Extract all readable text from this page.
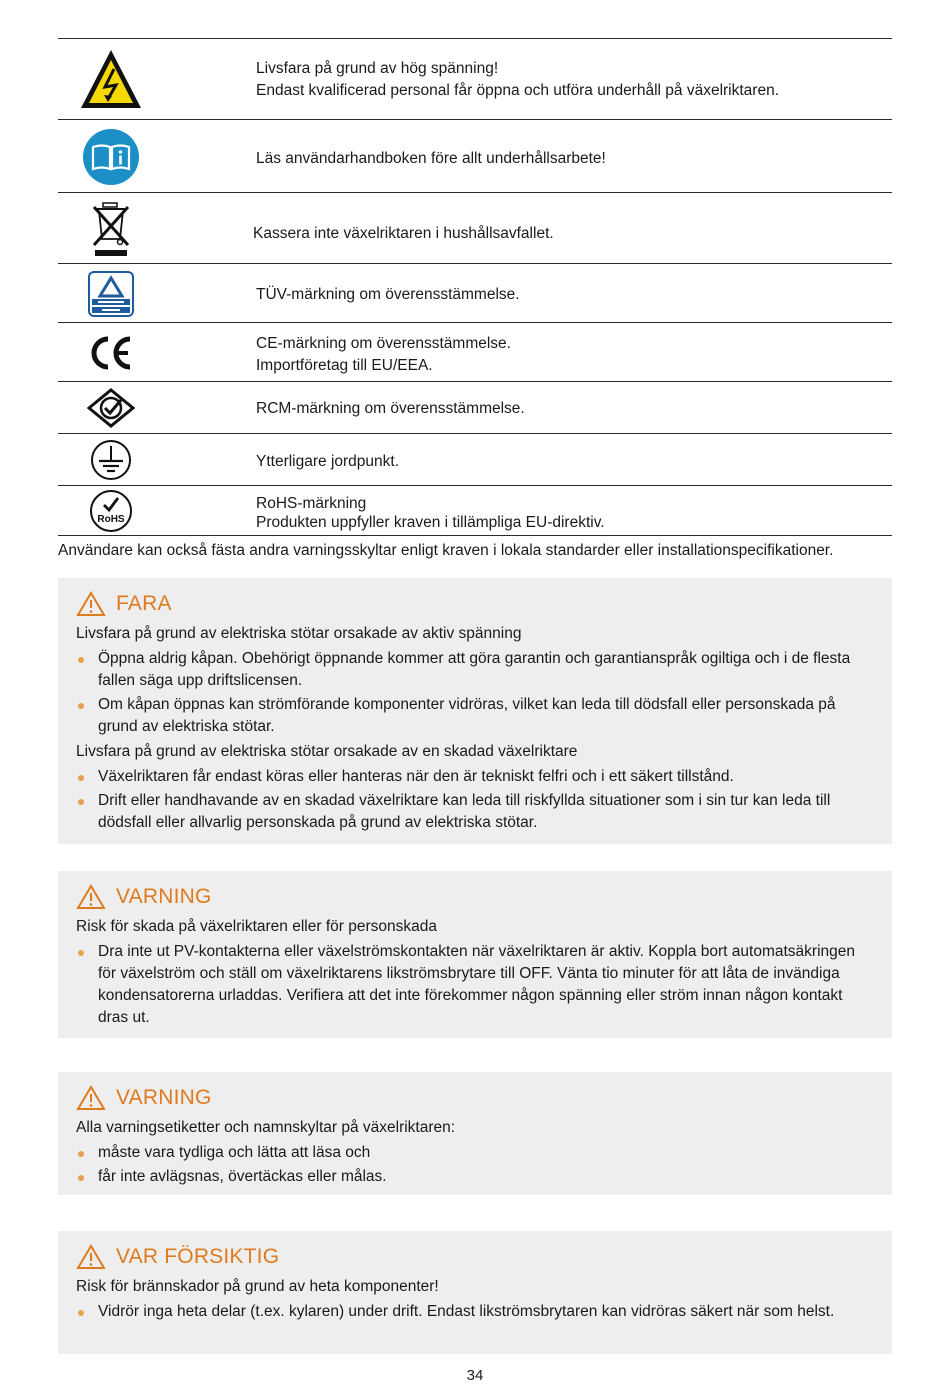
Livsfara på grund av hög spänning!
Endast kvalificerad personal får öppna och utföra underhåll på växelriktaren.
Läs användarhandboken före allt underhållsarbete!
Kassera inte växelriktaren i hushållsavfallet.
TÜV-märkning om överensstämmelse.
CE-märkning om överensstämmelse.
Importföretag till EU/EEA.
RCM-märkning om överensstämmelse.
Ytterligare jordpunkt.
RoHS
RoHS-märkning
Produkten uppfyller kraven i tillämpliga EU-direktiv.
Användare kan också fästa andra varningsskyltar enligt kraven i lokala standarder eller installationspecifikationer.
FARA

Livsfara på grund av elektriska stötar orsakade av aktiv spänning

Öppna aldrig kåpan. Obehörigt öppnande kommer att göra garantin och garantianspråk ogiltiga och i de flesta fallen säga upp driftslicensen.
Om kåpan öppnas kan strömförande komponenter vidröras, vilket kan leda till dödsfall eller personskada på grund av elektriska stötar.

Livsfara på grund av elektriska stötar orsakade av en skadad växelriktare

Växelriktaren får endast köras eller hanteras när den är tekniskt felfri och i ett säkert tillstånd.
Drift eller handhavande av en skadad växelriktare kan leda till riskfyllda situationer som i sin tur kan leda till dödsfall eller allvarlig personskada på grund av elektriska stötar.
VARNING

Risk för skada på växelriktaren eller för personskada

Dra inte ut PV-kontakterna eller växelströmskontakten när växelriktaren är aktiv. Koppla bort automatsäkringen för växelström och ställ om växelriktarens likströmsbrytare till OFF. Vänta tio minuter för att låta de invändiga kondensatorerna urladdas. Verifiera att det inte förekommer någon spänning eller ström innan någon kontakt dras ut.
VARNING

Alla varningsetiketter och namnskyltar på växelriktaren:

måste vara tydliga och lätta att läsa och
får inte avlägsnas, övertäckas eller målas.
VAR FÖRSIKTIG

Risk för brännskador på grund av heta komponenter!

Vidrör inga heta delar (t.ex. kylaren) under drift. Endast likströmsbrytaren kan vidröras säkert när som helst.
34
